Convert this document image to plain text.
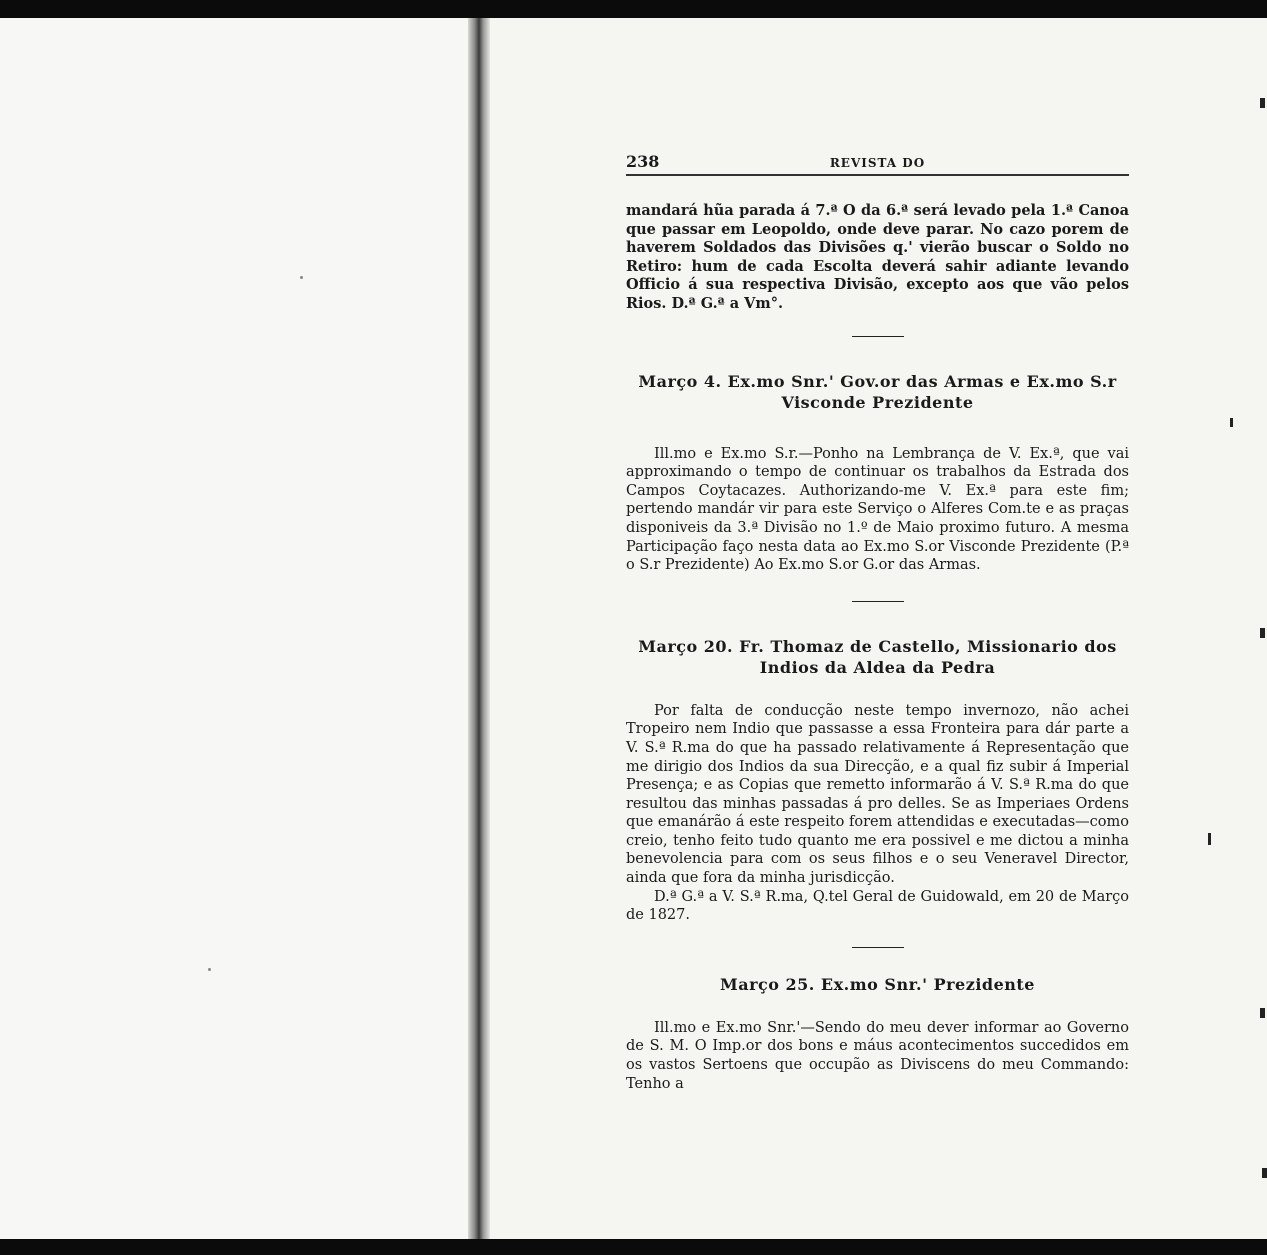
238	REVISTA DO

mandará hũa parada á 7.ª O da 6.ª será levado pela 1.ª Canoa que passar em Leopoldo, onde deve parar. No cazo porem de haverem Soldados das Divisões q.' vierão buscar o Soldo no Retiro: hum de cada Escolta deverá sahir adiante levando Officio á sua respectiva Divisão, excepto aos que vão pelos Rios. D.ª G.ª a Vm°.

Março 4. Ex.mo Snr.' Gov.or das Armas e Ex.mo S.r

Visconde Prezidente

Ill.mo e Ex.mo S.r.—Ponho na Lembrança de V. Ex.ª, que vai approximando o tempo de continuar os trabalhos da Estrada dos Campos Coytacazes. Authorizando-me V. Ex.ª para este fim; pertendo mandár vir para este Serviço o Alferes Com.te e as praças disponiveis da 3.ª Divisão no 1.º de Maio proximo futuro. A mesma Participação faço nesta data ao Ex.mo S.or Visconde Prezidente (P.ª o S.r Prezidente) Ao Ex.mo S.or G.or das Armas.

Março 20. Fr. Thomaz de Castello, Missionario dos

Indios da Aldea da Pedra

Por falta de conducção neste tempo invernozo, não achei Tropeiro nem Indio que passasse a essa Fronteira para dár parte a V. S.ª R.ma do que ha passado relativamente á Representação que me dirigio dos Indios da sua Direcção, e a qual fiz subir á Imperial Presença; e as Copias que remetto informarão á V. S.ª R.ma do que resultou das minhas passadas á pro delles. Se as Imperiaes Ordens que emanárão á este respeito forem attendidas e executadas—como creio, tenho feito tudo quanto me era possivel e me dictou a minha benevolencia para com os seus filhos e o seu Veneravel Director, ainda que fora da minha jurisdicção.

D.ª G.ª a V. S.ª R.ma, Q.tel Geral de Guidowald, em 20 de Março de 1827.

Março 25. Ex.mo Snr.' Prezidente

Ill.mo e Ex.mo Snr.'—Sendo do meu dever informar ao Governo de S. M. O Imp.or dos bons e máus acontecimentos succedidos em os vastos Sertoens que occupão as Diviscens do meu Commando: Tenho a
